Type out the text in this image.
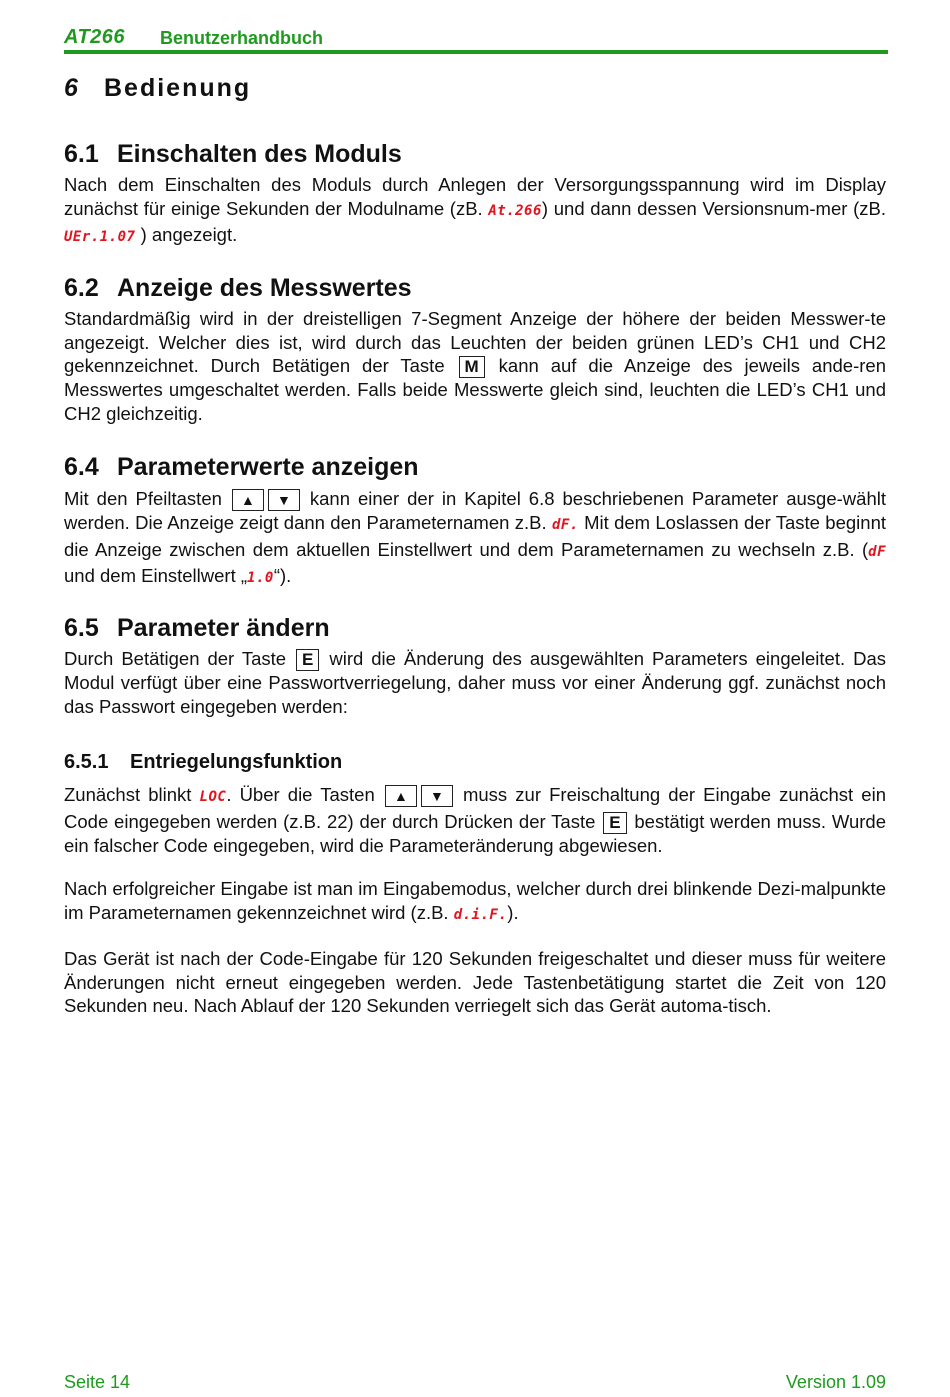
AT266 Benutzerhandbuch
6 Bedienung
6.1 Einschalten des Moduls
Nach dem Einschalten des Moduls durch Anlegen der Versorgungsspannung wird im Display zunächst für einige Sekunden der Modulname (zB. At.266) und dann dessen Versionsnum-mer (zB. UEr.1.07 ) angezeigt.
6.2 Anzeige des Messwertes
Standardmäßig wird in der dreistelligen 7-Segment Anzeige der höhere der beiden Messwer-te angezeigt. Welcher dies ist, wird durch das Leuchten der beiden grünen LED’s CH1 und CH2 gekennzeichnet. Durch Betätigen der Taste M kann auf die Anzeige des jeweils ande-ren Messwertes umgeschaltet werden. Falls beide Messwerte gleich sind, leuchten die LED’s CH1 und CH2 gleichzeitig.
6.4 Parameterwerte anzeigen
Mit den Pfeiltasten ▲ ▼ kann einer der in Kapitel 6.8 beschriebenen Parameter ausge-wählt werden. Die Anzeige zeigt dann den Parameternamen z.B. dF. Mit dem Loslassen der Taste beginnt die Anzeige zwischen dem aktuellen Einstellwert und dem Parameternamen zu wechseln z.B. (dF und dem Einstellwert „1.0“).
6.5 Parameter ändern
Durch Betätigen der Taste E wird die Änderung des ausgewählten Parameters eingeleitet. Das Modul verfügt über eine Passwortverriegelung, daher muss vor einer Änderung ggf. zunächst noch das Passwort eingegeben werden:
6.5.1 Entriegelungsfunktion
Zunächst blinkt LOC. Über die Tasten ▲ ▼ muss zur Freischaltung der Eingabe zunächst ein Code eingegeben werden (z.B. 22) der durch Drücken der Taste E bestätigt werden muss. Wurde ein falscher Code eingegeben, wird die Parameteränderung abgewiesen.
Nach erfolgreicher Eingabe ist man im Eingabemodus, welcher durch drei blinkende Dezi-malpunkte im Parameternamen gekennzeichnet wird (z.B. d.i.F.).
Das Gerät ist nach der Code-Eingabe für 120 Sekunden freigeschaltet und dieser muss für weitere Änderungen nicht erneut eingegeben werden. Jede Tastenbetätigung startet die Zeit von 120 Sekunden neu. Nach Ablauf der 120 Sekunden verriegelt sich das Gerät automa-tisch.
Seite 14	Version 1.09
